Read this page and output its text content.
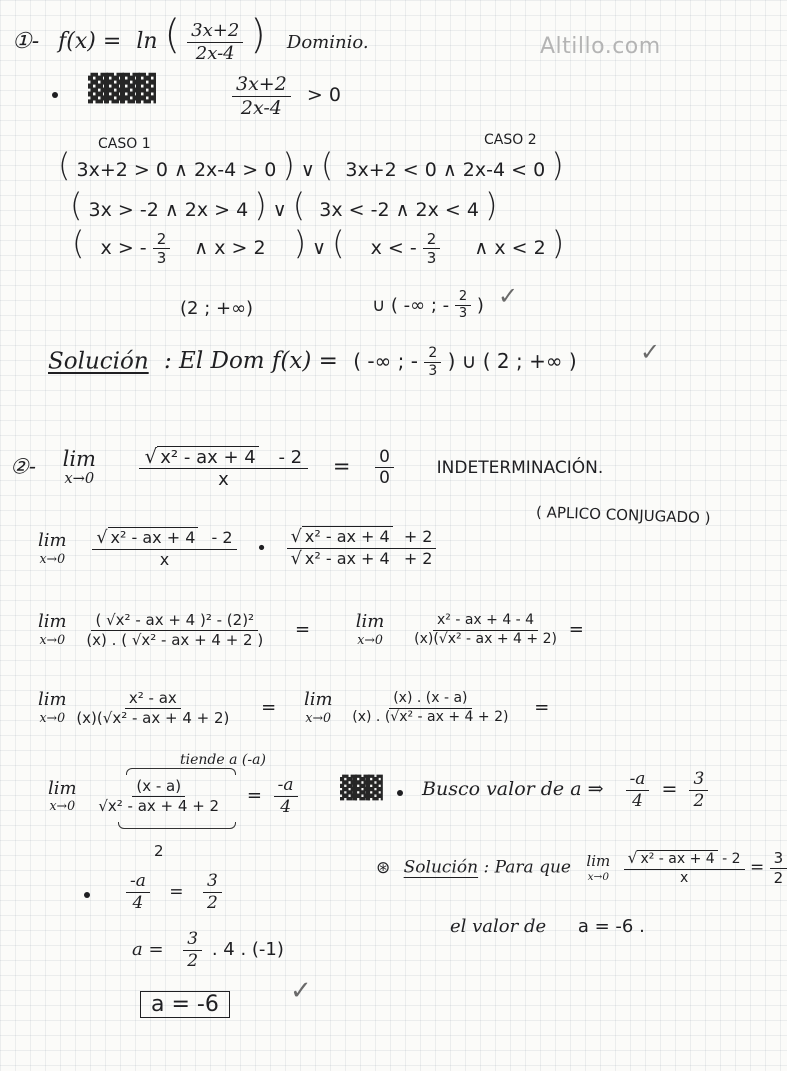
Altillo.com
①- f(x) = ln ( $\frac{3x+2}{2x-4}$ ) Dominio.
▓▓▓▓	$\frac{3x+2}{2x-4} > 0$
CASO 1	CASO 2
( 3x+2 > 0 ∧ 2x-4 > 0 ) ∨ ( 3x+2 < 0 ∧ 2x-4 < 0 )
( 3x > -2 ∧ 2x > 4 ) ∨ ( 3x < -2 ∧ 2x < 4 )
( x > - $\frac{2}{3}$ ∧ x > 2 ) ∨ ( x < - $\frac{2}{3}$ ∧ x < 2 )
(2 ; +∞)	∪ ( -∞ ; - $\frac{2}{3}$ ) ✓
Solución : El Dom f(x) = ( -∞ ; - $\frac{2}{3}$ ) ∪ ( 2 ; +∞ )	✓
②- lim
x→0
$\frac{\text{√ x² - ax + 4 - 2}}{x} = \frac{0}{0}$	INDETERMINACIÓN.
( APLICO CONJUGADO )
lim
x→0
$\frac{\text{√ x² - ax + 4 - 2}}{x}$ • $\frac{\text{√ x² - ax + 4 + 2}}{\text{√ x² - ax + 4 + 2}}$
lim
x→0
$\frac{\text{( √x² - ax + 4 )² - (2)²}}{\text{(x) . ( √x² - ax + 4 + 2 )}}$ =	lim
x→0
$\frac{\text{x² - ax + 4 - 4}}{\text{(x)(√x² - ax + 4 + 2)}}$ =
lim
x→0
$\frac{\text{x² - ax}}{\text{(x)(√x² - ax + 4 + 2)}} = \lim$
x→0
$\frac{(x) . (x - a)}{\text{(x) . (√x² - ax + 4 + 2)}}$ =
tiende a (-a)
lim
x→0
$\frac{(x - a)}{\text{√x² - ax + 4 + 2}} = \frac{-a}{4}$
2
▓▓▓ Busco valor de a ⇒ $\frac{-a}{4} = \frac{3}{2}$
$\frac{-a}{4} = \frac{3}{2}$
$a = \frac{3}{2}$ . 4 . (-1)
a = -6	✓
⊛ Solución : Para que lim
x→0
$\frac{\text{√ x² - ax + 4 - 2}}{x} = \frac{3}{2}$
el valor de a = -6 .
